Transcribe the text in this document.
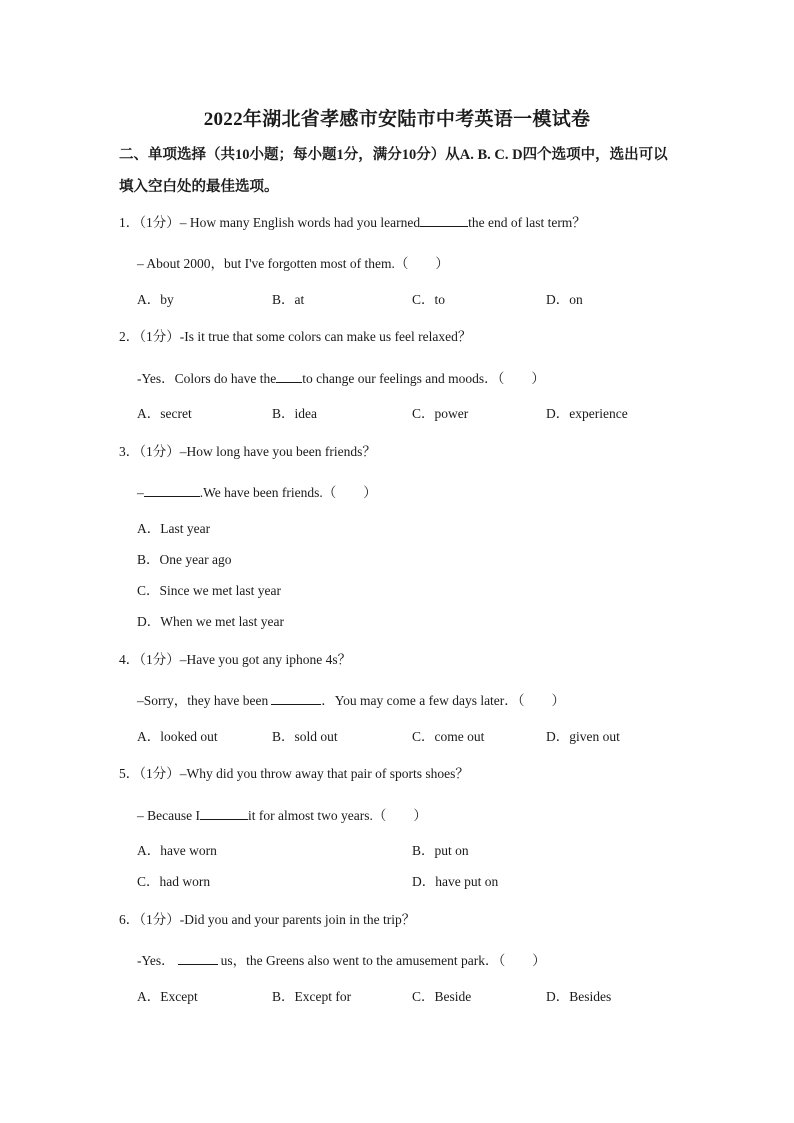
2022年湖北省孝感市安陆市中考英语一模试卷
二、单项选择（共10小题；每小题1分，满分10分）从A. B. C. D四个选项中，选出可以
填入空白处的最佳选项。
1．（1分）– How many English words had you learned	the end of last term？
– About 2000，but I've forgotten most of them.（　　）
A．by	B．at	C．to	D．on
2．（1分）-Is it true that some colors can make us feel relaxed？
-Yes．Colors do have the to change our feelings and moods．（　　）
A．secret	B．idea	C．power	D．experience
3．（1分）–How long have you been friends？
–	.We have been friends.（　　）
A．Last year
B．One year ago
C．Since we met last year
D．When we met last year
4．（1分）–Have you got any iphone 4s？
–Sorry，they have been	．You may come a few days later．（　　）
A．looked out	B．sold out	C．come out	D．given out
5．（1分）–Why did you throw away that pair of sports shoes？
– Because I	it for almost two years.（　　）
A．have worn	B．put on
C．had worn	D．have put on
6．（1分）-Did you and your parents join in the trip？
-Yes．	us，the Greens also went to the amusement park．（　　）
A．Except	B．Except for	C．Beside	D．Besides
